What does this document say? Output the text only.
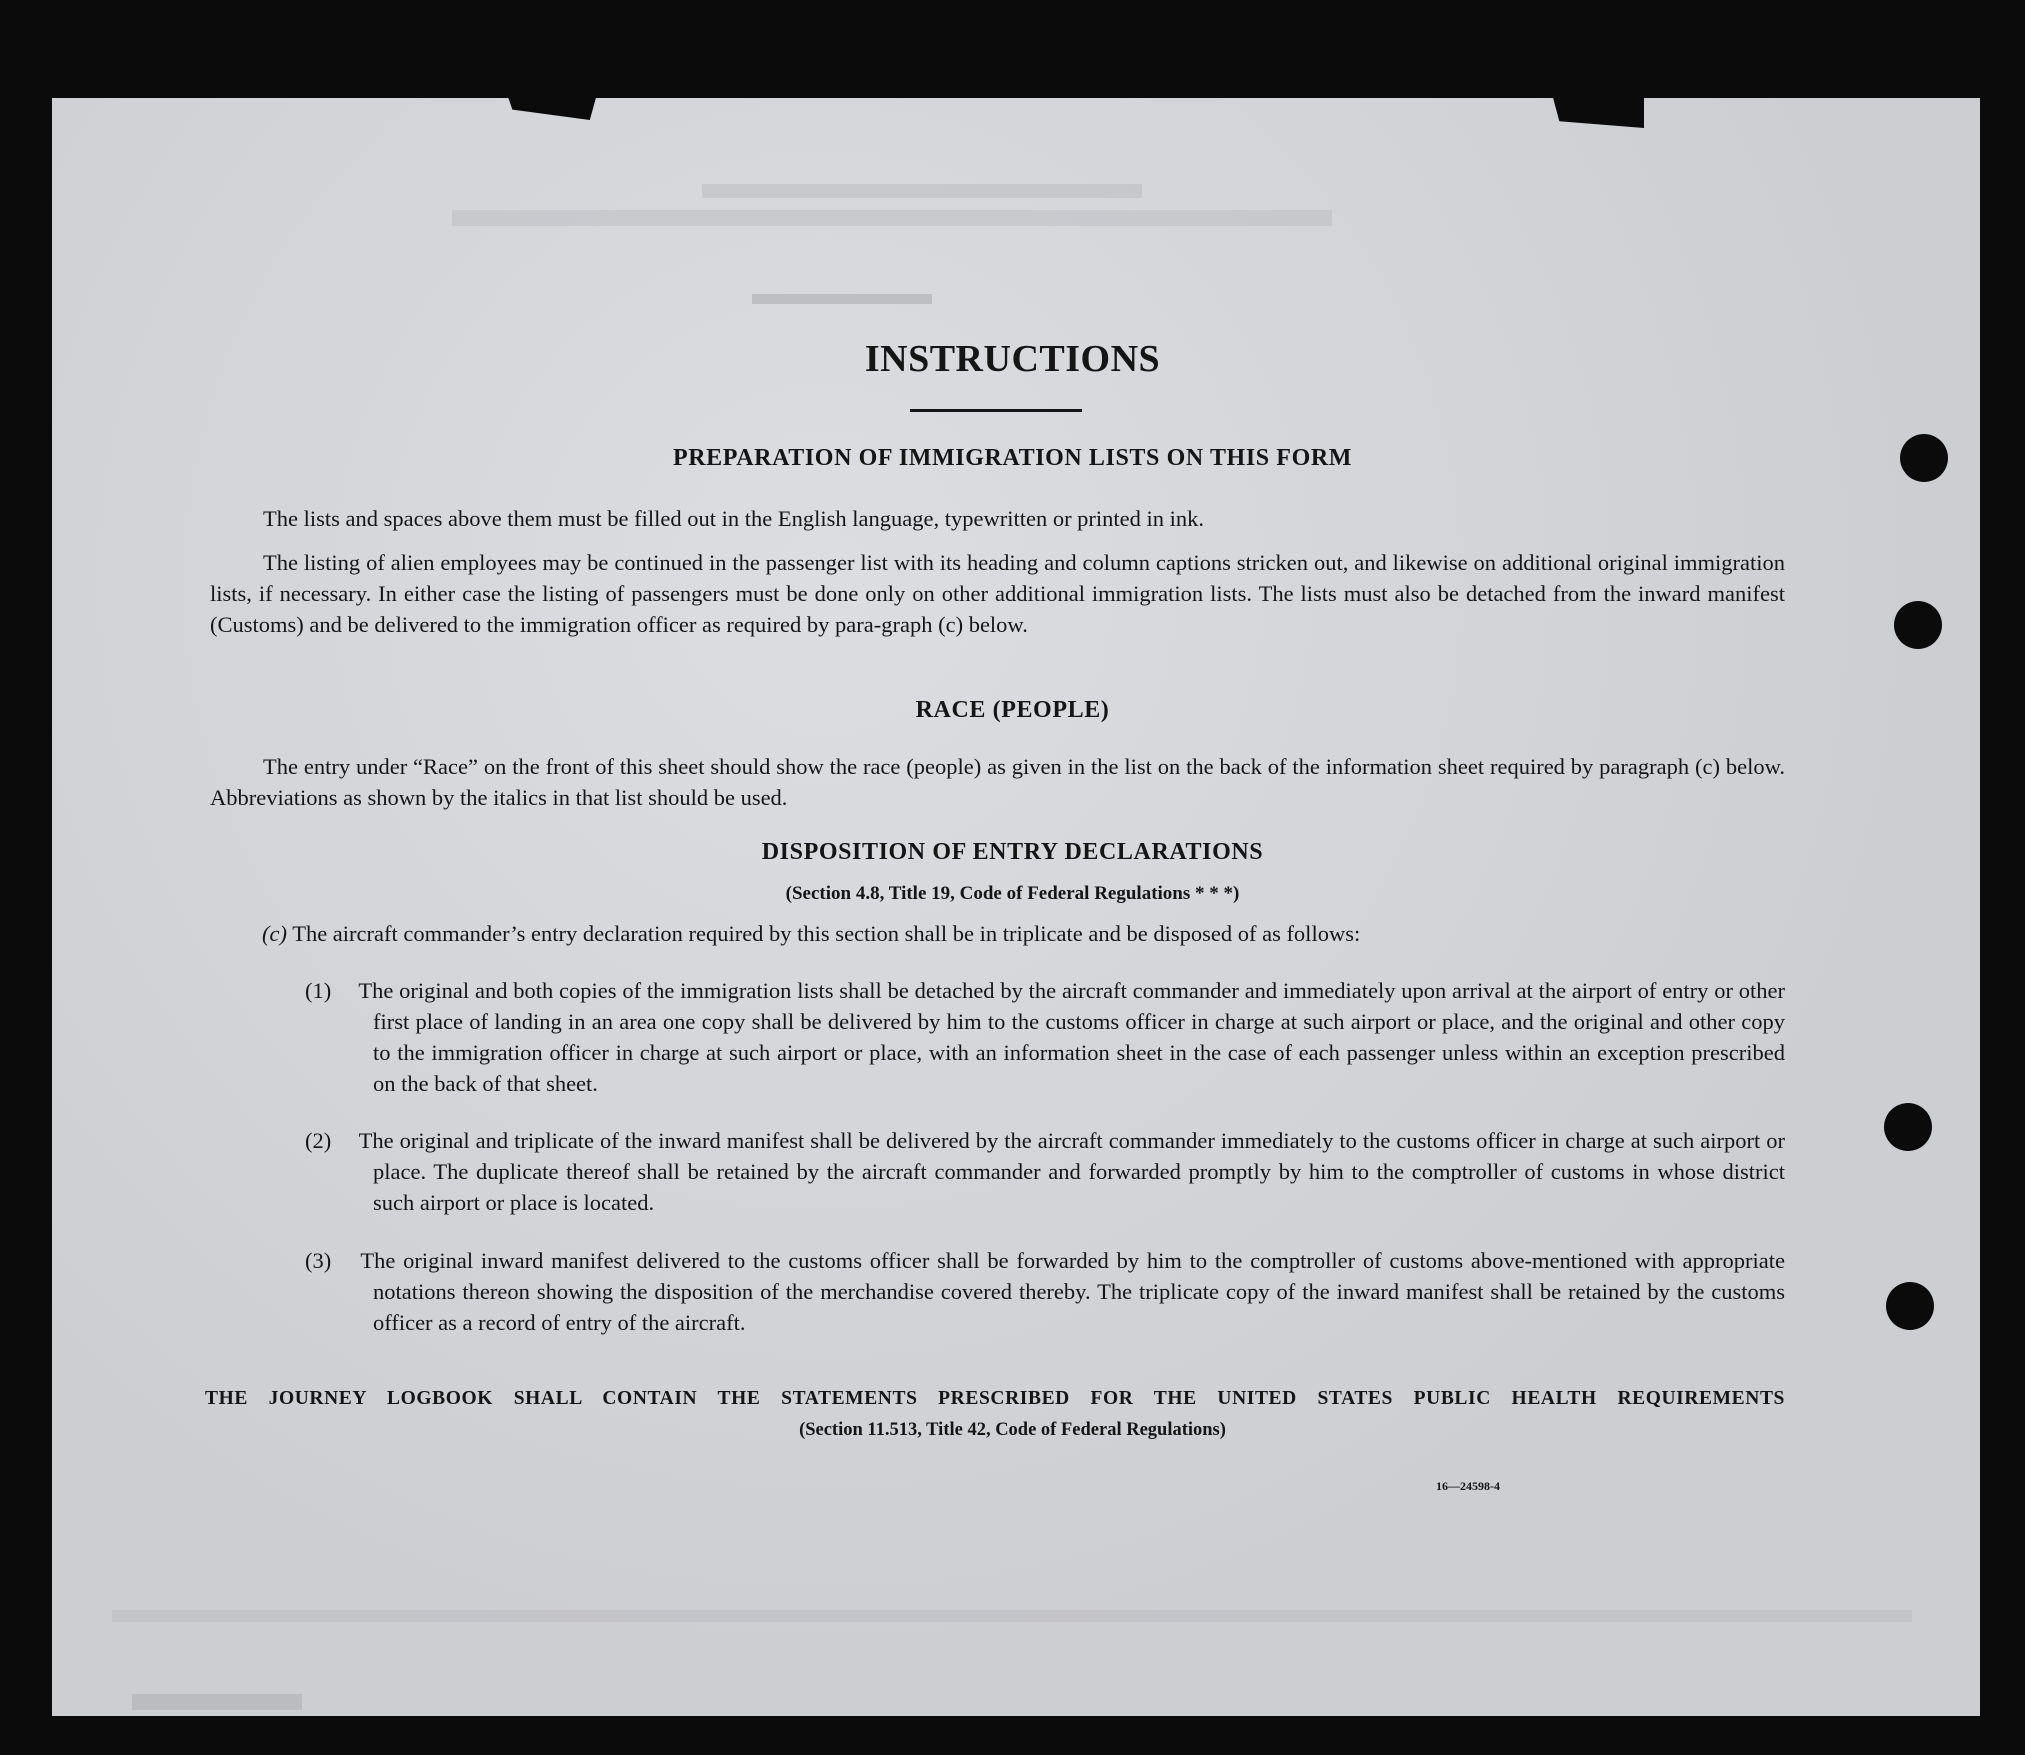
INSTRUCTIONS
PREPARATION OF IMMIGRATION LISTS ON THIS FORM

The lists and spaces above them must be filled out in the English language, typewritten or printed in ink.

The listing of alien employees may be continued in the passenger list with its heading and column captions stricken out, and likewise on additional original immigration lists, if necessary. In either case the listing of passengers must be done only on other additional immigration lists. The lists must also be detached from the inward manifest (Customs) and be delivered to the immigration officer as required by para-graph (c) below.

RACE (PEOPLE)

The entry under “Race” on the front of this sheet should show the race (people) as given in the list on the back of the information sheet required by paragraph (c) below. Abbreviations as shown by the italics in that list should be used.

DISPOSITION OF ENTRY DECLARATIONS
(Section 4.8, Title 19, Code of Federal Regulations * * *)

(c) The aircraft commander’s entry declaration required by this section shall be in triplicate and be disposed of as follows:

(1) The original and both copies of the immigration lists shall be detached by the aircraft commander and immediately upon arrival at the airport of entry or other first place of landing in an area one copy shall be delivered by him to the customs officer in charge at such airport or place, and the original and other copy to the immigration officer in charge at such airport or place, with an information sheet in the case of each passenger unless within an exception prescribed on the back of that sheet.

(2) The original and triplicate of the inward manifest shall be delivered by the aircraft commander immediately to the customs officer in charge at such airport or place. The duplicate thereof shall be retained by the aircraft commander and forwarded promptly by him to the comptroller of customs in whose district such airport or place is located.

(3) The original inward manifest delivered to the customs officer shall be forwarded by him to the comptroller of customs above-mentioned with appropriate notations thereon showing the disposition of the merchandise covered thereby. The triplicate copy of the inward manifest shall be retained by the customs officer as a record of entry of the aircraft.

THE JOURNEY LOGBOOK SHALL CONTAIN THE STATEMENTS PRESCRIBED FOR THE UNITED STATES PUBLIC HEALTH REQUIREMENTS
(Section 11.513, Title 42, Code of Federal Regulations)
16—24598-4
